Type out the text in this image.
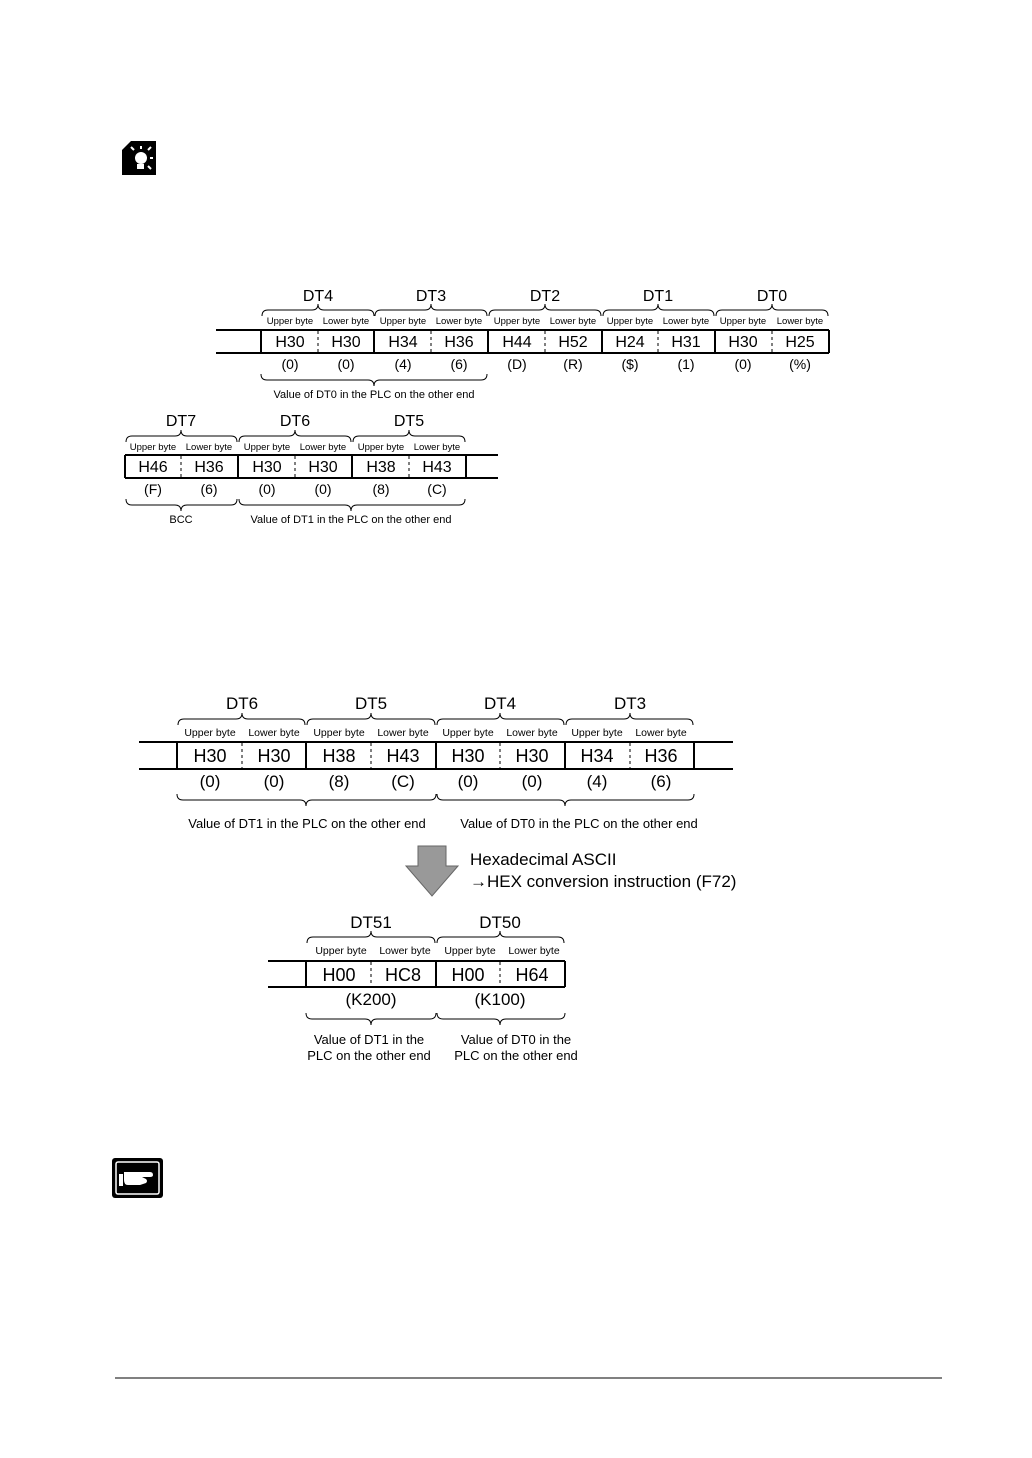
DT4	DT3	DT2	DT1	DT0
Upper byte Lower byte Upper byte Lower byte Upper byte Lower byte Upper byte Lower byte Upper byte Lower byte
H30 H30 H34 H36 H44 H52 H24 H31 H30 H25
(0)	(0)	(4)	(6)	(D)	(R)	($)	(1)	(0)	(%)
Value of DT0 in the PLC on the other end
DT7	DT6	DT5
Upper byte Lower byte Upper byte Lower byte Upper byte Lower byte
H46 H36 H30 H30 H38 H43
(F)	(6)	(0)	(0)	(8)	(C)
BCC	Value of DT1 in the PLC on the other end
DT6	DT5	DT4	DT3
Upper byte Lower byte Upper byte Lower byte Upper byte Lower byte Upper byte Lower byte
H30 H30 H38 H43 H30 H30 H34 H36
(0)	(0)	(8) (C)	(0)	(0)	(4)	(6)
Value of DT1 in the PLC on the other end	Value of DT0 in the PLC on the other end
Hexadecimal ASCII
→HEX conversion instruction (F72)
DT51	DT50
Upper byte Lower byte Upper byte Lower byte
H00 HC8 H00 H64
(K200)	(K100)
Value of DT1 in the
PLC on the other end
Value of DT0 in the
PLC on the other end
